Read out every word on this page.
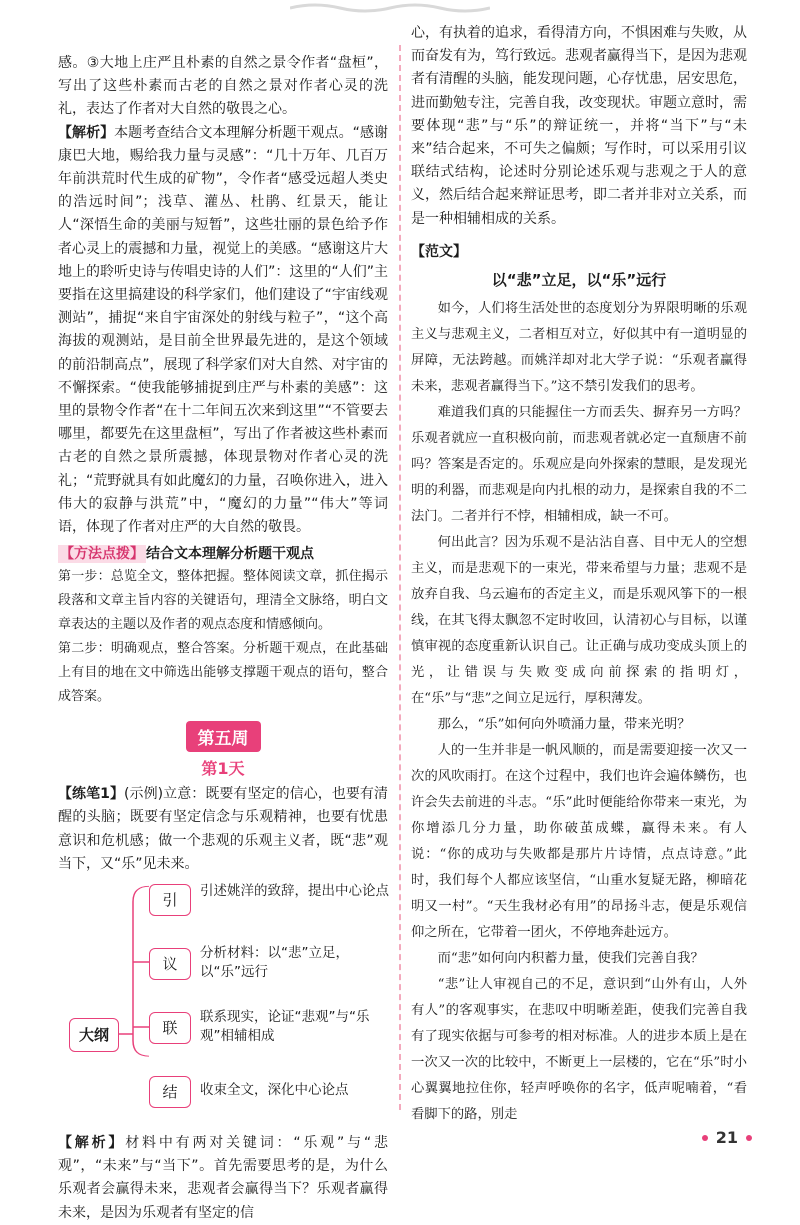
感。③大地上庄严且朴素的自然之景令作者“盘桓”，写出了这些朴素而古老的自然之景对作者心灵的洗礼，表达了作者对大自然的敬畏之心。

【解析】本题考查结合文本理解分析题干观点。“感谢康巴大地，赐给我力量与灵感”：“几十万年、几百万年前洪荒时代生成的矿物”，令作者“感受远超人类史的浩远时间”；浅草、灌丛、杜鹃、红景天，能让人“深悟生命的美丽与短暂”，这些壮丽的景色给予作者心灵上的震撼和力量，视觉上的美感。“感谢这片大地上的聆听史诗与传唱史诗的人们”：这里的“人们”主要指在这里搞建设的科学家们，他们建设了“宇宙线观测站”，捕捉“来自宇宙深处的射线与粒子”，“这个高海拔的观测站，是目前全世界最先进的，是这个领域的前沿制高点”，展现了科学家们对大自然、对宇宙的不懈探索。“使我能够捕捉到庄严与朴素的美感”：这里的景物令作者“在十二年间五次来到这里”“不管要去哪里，都要先在这里盘桓”，写出了作者被这些朴素而古老的自然之景所震撼，体现景物对作者心灵的洗礼；“荒野就具有如此魔幻的力量，召唤你进入，进入伟大的寂静与洪荒”中，“魔幻的力量”“伟大”等词语，体现了作者对庄严的大自然的敬畏。

【方法点拨】 结合文本理解分析题干观点

第一步：总览全文，整体把握。整体阅读文章，抓住揭示段落和文章主旨内容的关键语句，理清全文脉络，明白文章表达的主题以及作者的观点态度和情感倾向。

第二步：明确观点，整合答案。分析题干观点，在此基础上有目的地在文中筛选出能够支撑题干观点的语句，整合成答案。

第五周
第1天

【练笔1】(示例)立意：既要有坚定的信心，也要有清醒的头脑；既要有坚定信念与乐观精神，也要有忧患意识和危机感；做一个悲观的乐观主义者，既“悲”观当下，又“乐”见未来。

大纲
引	引述姚洋的致辞，提出中心论点
议
分析材料：以“悲”立足，以“乐”远行
联
联系现实，论证“悲观”与“乐观”相辅相成
结	收束全文，深化中心论点

【解析】材料中有两对关键词：“乐观”与“悲观”，“未来”与“当下”。首先需要思考的是，为什么乐观者会赢得未来，悲观者会赢得当下？乐观者赢得未来，是因为乐观者有坚定的信

心，有执着的追求，看得清方向，不惧困难与失败，从而奋发有为，笃行致远。悲观者赢得当下，是因为悲观者有清醒的头脑，能发现问题，心存忧患，居安思危，进而勤勉专注，完善自我，改变现状。审题立意时，需要体现“悲”与“乐”的辩证统一，并将“当下”与“未来”结合起来，不可失之偏颇；写作时，可以采用引议联结式结构，论述时分别论述乐观与悲观之于人的意义，然后结合起来辩证思考，即二者并非对立关系，而是一种相辅相成的关系。

【范文】
以“悲”立足，以“乐”远行

如今，人们将生活处世的态度划分为界限明晰的乐观主义与悲观主义，二者相互对立，好似其中有一道明显的屏障，无法跨越。而姚洋却对北大学子说：“乐观者赢得未来，悲观者赢得当下。”这不禁引发我们的思考。

难道我们真的只能握住一方而丢失、摒弃另一方吗？乐观者就应一直积极向前，而悲观者就必定一直颓唐不前吗？答案是否定的。乐观应是向外探索的慧眼，是发现光明的利器，而悲观是向内扎根的动力，是探索自我的不二法门。二者并行不悖，相辅相成，缺一不可。

何出此言？因为乐观不是沾沾自喜、目中无人的空想主义，而是悲观下的一束光，带来希望与力量；悲观不是放弃自我、乌云遍布的否定主义，而是乐观风筝下的一根线，在其飞得太飘忽不定时收回，认清初心与目标，以谨慎审视的态度重新认识自己。让正确与成功变成头顶上的光，让错误与失败变成向前探索的指明灯，在“乐”与“悲”之间立足远行，厚积薄发。

那么，“乐”如何向外喷涌力量，带来光明？

人的一生并非是一帆风顺的，而是需要迎接一次又一次的风吹雨打。在这个过程中，我们也许会遍体鳞伤，也许会失去前进的斗志。“乐”此时便能给你带来一束光，为你增添几分力量，助你破茧成蝶，赢得未来。有人说：“你的成功与失败都是那片片诗情，点点诗意。”此时，我们每个人都应该坚信，“山重水复疑无路，柳暗花明又一村”。“天生我材必有用”的昂扬斗志，便是乐观信仰之所在，它带着一团火，不停地奔赴远方。

而“悲”如何向内积蓄力量，使我们完善自我？

“悲”让人审视自己的不足，意识到“山外有山，人外有人”的客观事实，在悲叹中明晰差距，使我们完善自我有了现实依据与可参考的相对标准。人的进步本质上是在一次又一次的比较中，不断更上一层楼的，它在“乐”时小心翼翼地拉住你，轻声呼唤你的名字，低声呢喃着，“看看脚下的路，別走

21
